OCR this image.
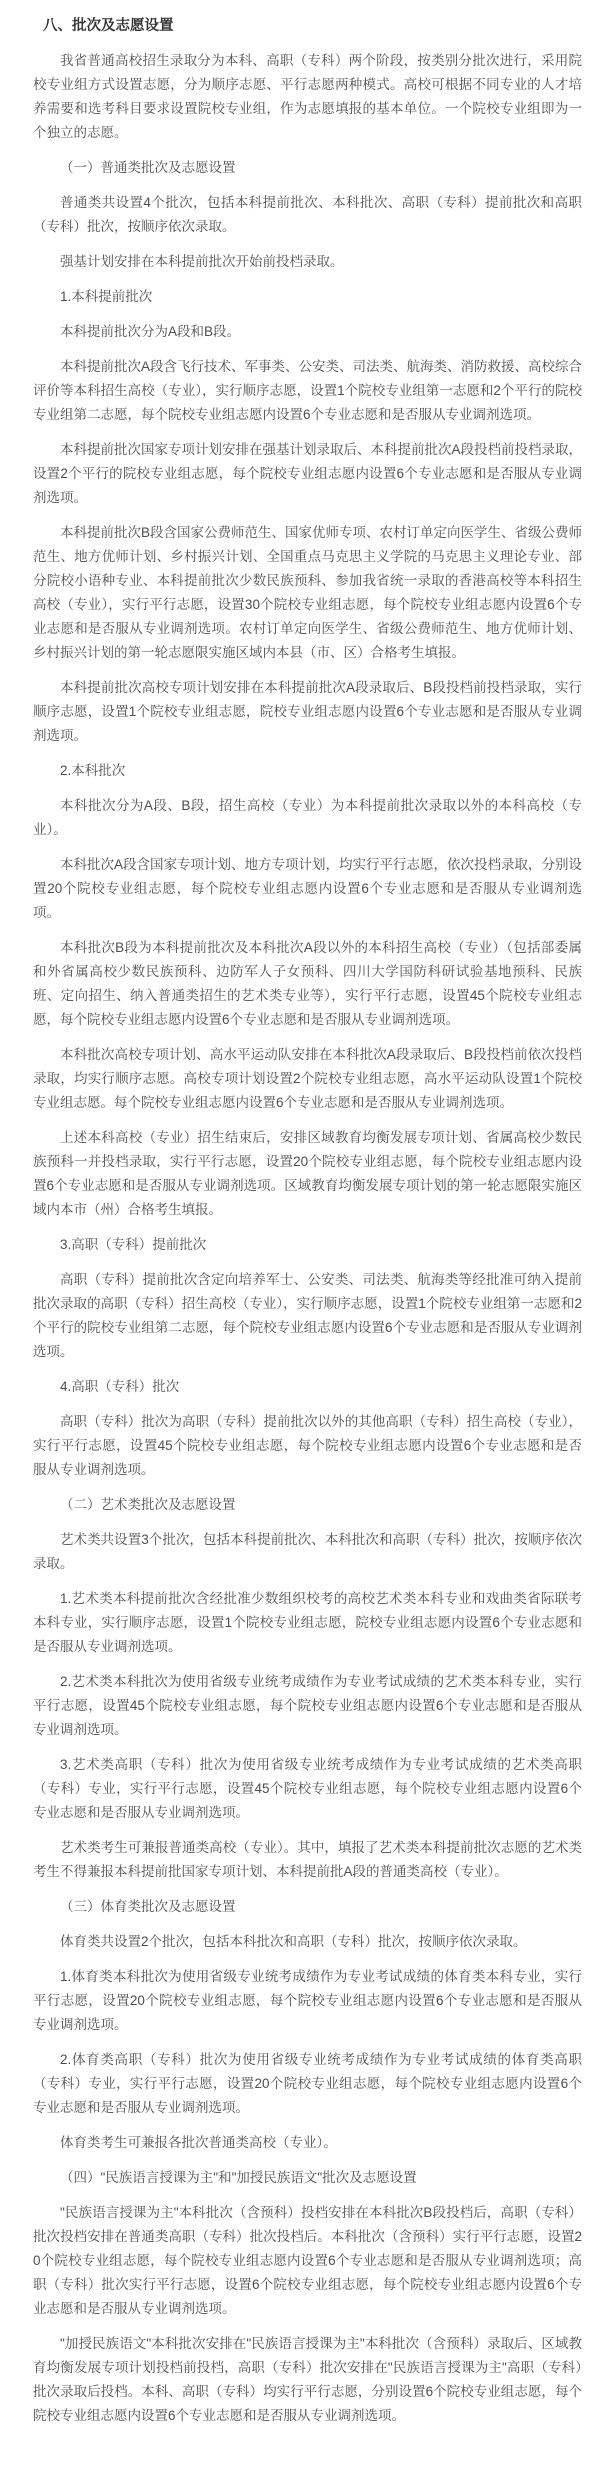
八、批次及志愿设置

我省普通高校招生录取分为本科、高职（专科）两个阶段，按类别分批次进行，采用院校专业组方式设置志愿，分为顺序志愿、平行志愿两种模式。高校可根据不同专业的人才培养需要和选考科目要求设置院校专业组，作为志愿填报的基本单位。一个院校专业组即为一个独立的志愿。

（一）普通类批次及志愿设置

普通类共设置4个批次，包括本科提前批次、本科批次、高职（专科）提前批次和高职（专科）批次，按顺序依次录取。

强基计划安排在本科提前批次开始前投档录取。

1.本科提前批次

本科提前批次分为A段和B段。

本科提前批次A段含飞行技术、军事类、公安类、司法类、航海类、消防救援、高校综合评价等本科招生高校（专业），实行顺序志愿，设置1个院校专业组第一志愿和2个平行的院校专业组第二志愿，每个院校专业组志愿内设置6个专业志愿和是否服从专业调剂选项。

本科提前批次国家专项计划安排在强基计划录取后、本科提前批次A段投档前投档录取，设置2个平行的院校专业组志愿，每个院校专业组志愿内设置6个专业志愿和是否服从专业调剂选项。

本科提前批次B段含国家公费师范生、国家优师专项、农村订单定向医学生、省级公费师范生、地方优师计划、乡村振兴计划、全国重点马克思主义学院的马克思主义理论专业、部分院校小语种专业、本科提前批次少数民族预科、参加我省统一录取的香港高校等本科招生高校（专业），实行平行志愿，设置30个院校专业组志愿，每个院校专业组志愿内设置6个专业志愿和是否服从专业调剂选项。农村订单定向医学生、省级公费师范生、地方优师计划、乡村振兴计划的第一轮志愿限实施区域内本县（市、区）合格考生填报。

本科提前批次高校专项计划安排在本科提前批次A段录取后、B段投档前投档录取，实行顺序志愿，设置1个院校专业组志愿，院校专业组志愿内设置6个专业志愿和是否服从专业调剂选项。

2.本科批次

本科批次分为A段、B段，招生高校（专业）为本科提前批次录取以外的本科高校（专业）。

本科批次A段含国家专项计划、地方专项计划，均实行平行志愿，依次投档录取，分别设置20个院校专业组志愿，每个院校专业组志愿内设置6个专业志愿和是否服从专业调剂选项。

本科批次B段为本科提前批次及本科批次A段以外的本科招生高校（专业）（包括部委属和外省属高校少数民族预科、边防军人子女预科、四川大学国防科研试验基地预科、民族班、定向招生、纳入普通类招生的艺术类专业等），实行平行志愿，设置45个院校专业组志愿，每个院校专业组志愿内设置6个专业志愿和是否服从专业调剂选项。

本科批次高校专项计划、高水平运动队安排在本科批次A段录取后、B段投档前依次投档录取，均实行顺序志愿。高校专项计划设置2个院校专业组志愿，高水平运动队设置1个院校专业组志愿。每个院校专业组志愿内设置6个专业志愿和是否服从专业调剂选项。

上述本科高校（专业）招生结束后，安排区域教育均衡发展专项计划、省属高校少数民族预科一并投档录取，实行平行志愿，设置20个院校专业组志愿，每个院校专业组志愿内设置6个专业志愿和是否服从专业调剂选项。区域教育均衡发展专项计划的第一轮志愿限实施区域内本市（州）合格考生填报。

3.高职（专科）提前批次

高职（专科）提前批次含定向培养军士、公安类、司法类、航海类等经批准可纳入提前批次录取的高职（专科）招生高校（专业），实行顺序志愿，设置1个院校专业组第一志愿和2个平行的院校专业组第二志愿，每个院校专业组志愿内设置6个专业志愿和是否服从专业调剂选项。

4.高职（专科）批次

高职（专科）批次为高职（专科）提前批次以外的其他高职（专科）招生高校（专业），实行平行志愿，设置45个院校专业组志愿，每个院校专业组志愿内设置6个专业志愿和是否服从专业调剂选项。

（二）艺术类批次及志愿设置

艺术类共设置3个批次，包括本科提前批次、本科批次和高职（专科）批次，按顺序依次录取。

1.艺术类本科提前批次含经批准少数组织校考的高校艺术类本科专业和戏曲类省际联考本科专业，实行顺序志愿，设置1个院校专业组志愿，院校专业组志愿内设置6个专业志愿和是否服从专业调剂选项。

2.艺术类本科批次为使用省级专业统考成绩作为专业考试成绩的艺术类本科专业，实行平行志愿，设置45个院校专业组志愿，每个院校专业组志愿内设置6个专业志愿和是否服从专业调剂选项。

3.艺术类高职（专科）批次为使用省级专业统考成绩作为专业考试成绩的艺术类高职（专科）专业，实行平行志愿，设置45个院校专业组志愿，每个院校专业组志愿内设置6个专业志愿和是否服从专业调剂选项。

艺术类考生可兼报普通类高校（专业）。其中，填报了艺术类本科提前批次志愿的艺术类考生不得兼报本科提前批国家专项计划、本科提前批A段的普通类高校（专业）。

（三）体育类批次及志愿设置

体育类共设置2个批次，包括本科批次和高职（专科）批次，按顺序依次录取。

1.体育类本科批次为使用省级专业统考成绩作为专业考试成绩的体育类本科专业，实行平行志愿，设置20个院校专业组志愿，每个院校专业组志愿内设置6个专业志愿和是否服从专业调剂选项。

2.体育类高职（专科）批次为使用省级专业统考成绩作为专业考试成绩的体育类高职（专科）专业，实行平行志愿，设置20个院校专业组志愿，每个院校专业组志愿内设置6个专业志愿和是否服从专业调剂选项。

体育类考生可兼报各批次普通类高校（专业）。

（四）"民族语言授课为主"和"加授民族语文"批次及志愿设置

"民族语言授课为主"本科批次（含预科）投档安排在本科批次B段投档后，高职（专科）批次投档安排在普通类高职（专科）批次投档后。本科批次（含预科）实行平行志愿，设置20个院校专业组志愿，每个院校专业组志愿内设置6个专业志愿和是否服从专业调剂选项；高职（专科）批次实行平行志愿，设置6个院校专业组志愿，每个院校专业组志愿内设置6个专业志愿和是否服从专业调剂选项。

"加授民族语文"本科批次安排在"民族语言授课为主"本科批次（含预科）录取后、区域教育均衡发展专项计划投档前投档，高职（专科）批次安排在"民族语言授课为主"高职（专科）批次录取后投档。本科、高职（专科）均实行平行志愿，分别设置6个院校专业组志愿，每个院校专业组志愿内设置6个专业志愿和是否服从专业调剂选项。
